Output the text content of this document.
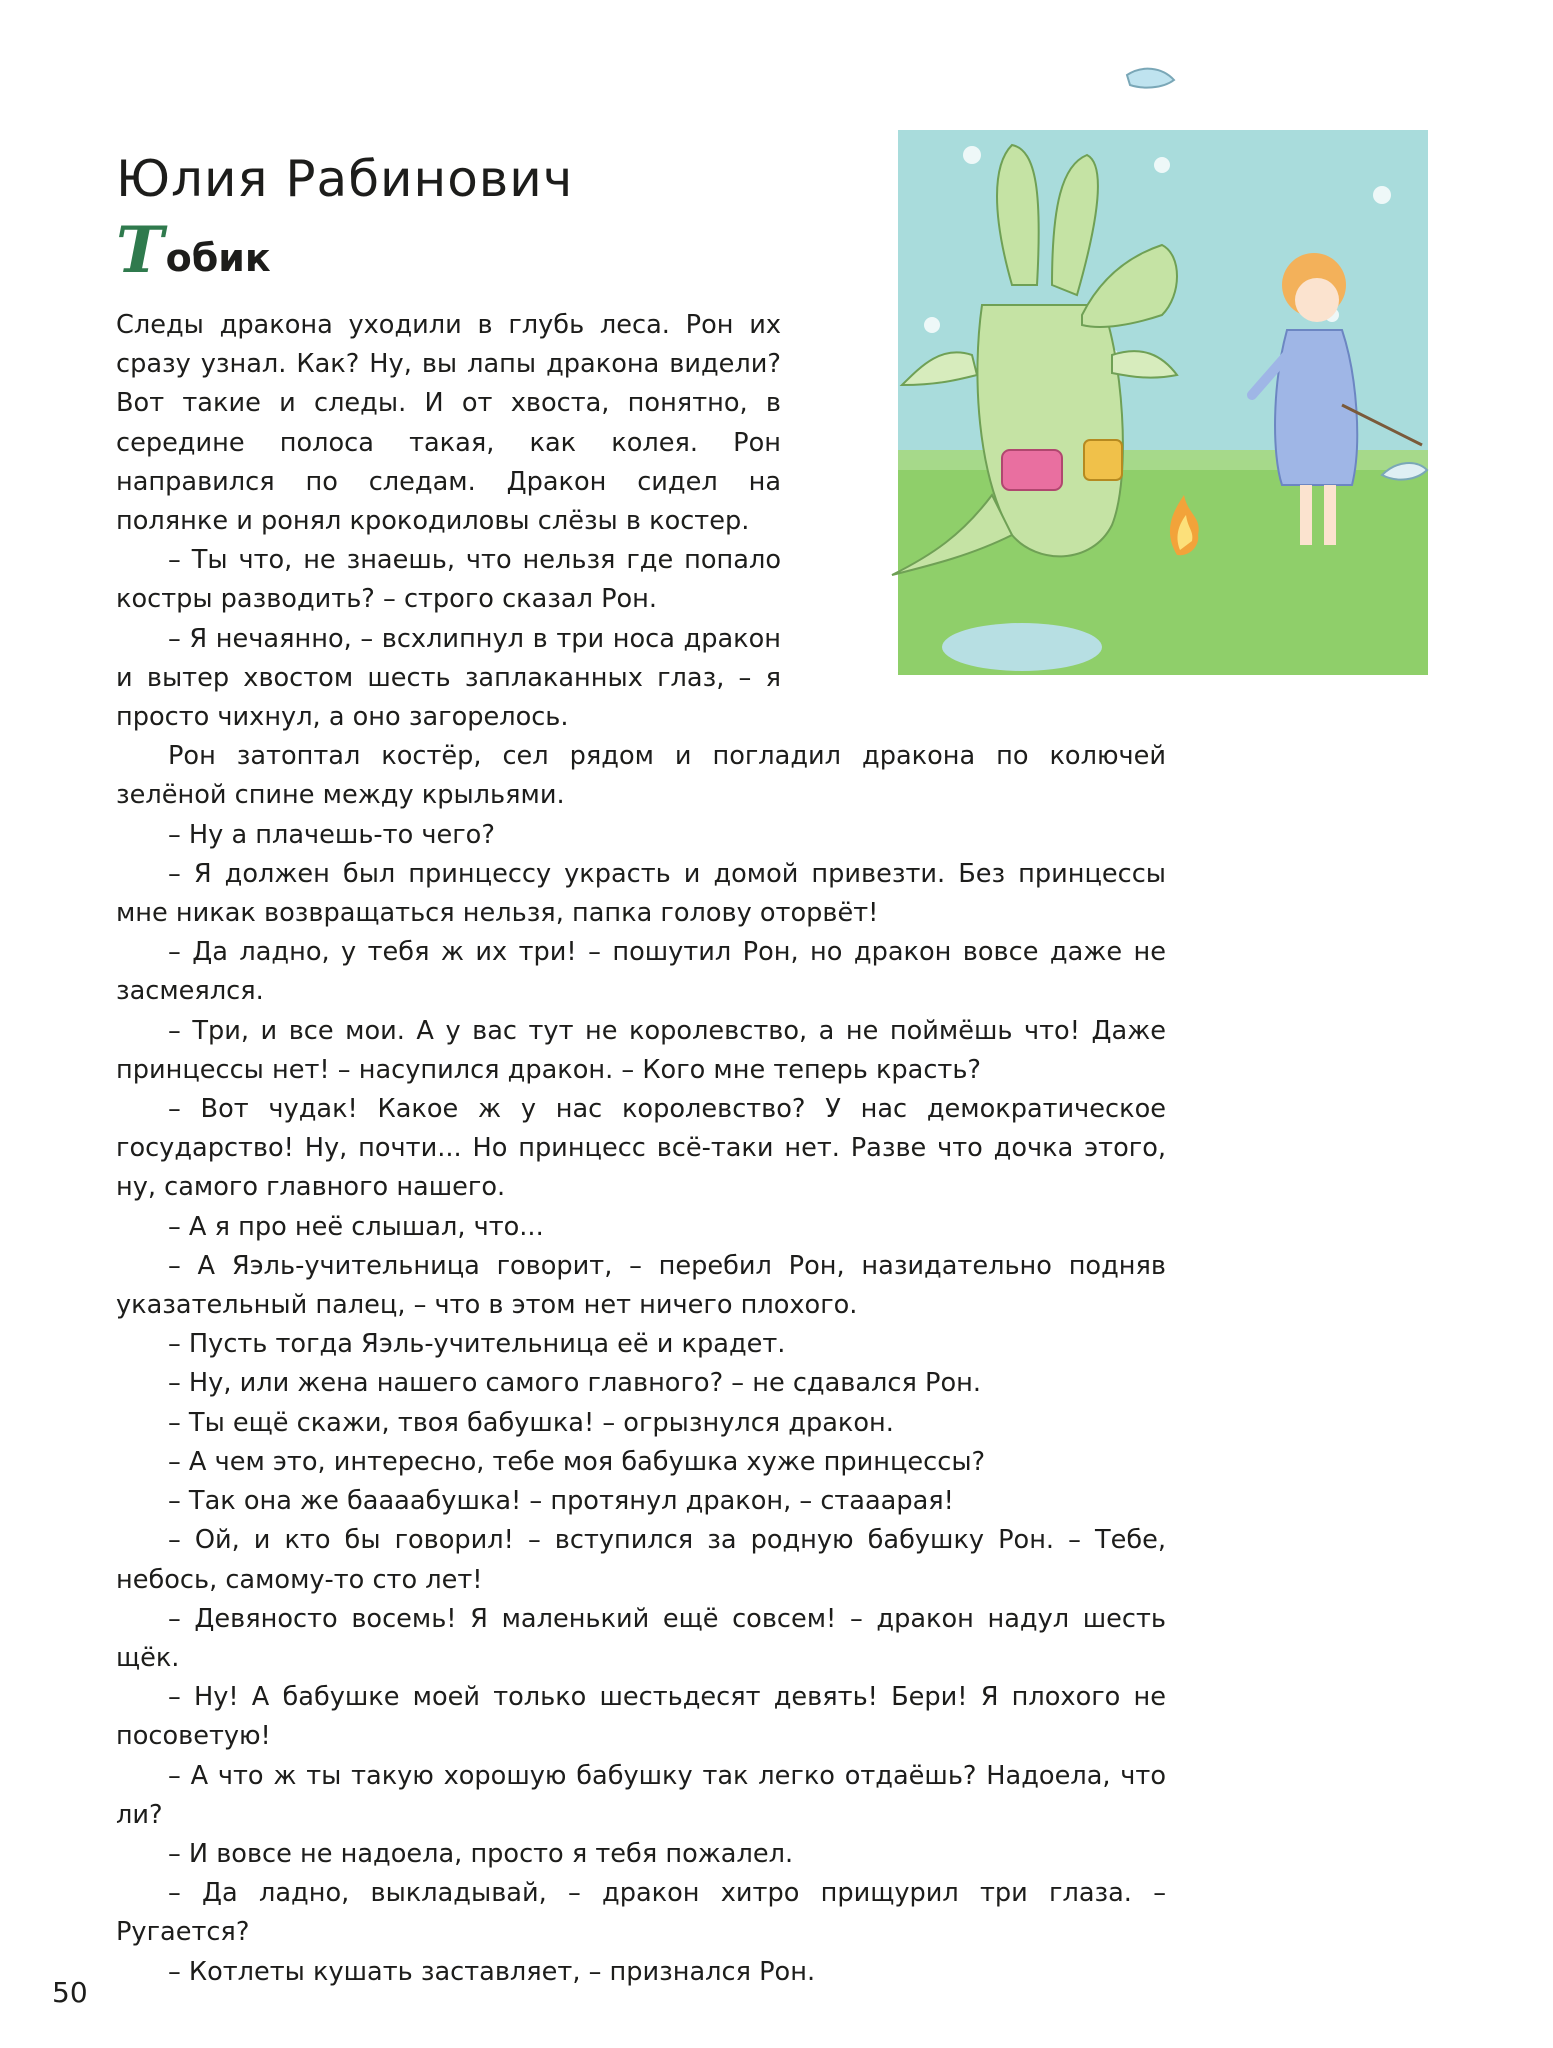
Юлия Рабинович
Т обик

Следы дракона уходили в глубь леса. Рон их сразу узнал. Как? Ну, вы лапы дракона видели? Вот такие и следы. И от хвоста, понятно, в середине полоса такая, как колея. Рон направился по следам. Дракон сидел на полянке и ронял крокодиловы слёзы в костер.

– Ты что, не знаешь, что нельзя где попало костры разводить? – строго сказал Рон.

– Я нечаянно, – всхлипнул в три носа дракон и вытер хвостом шесть заплаканных глаз, – я просто чихнул, а оно загорелось.

Рон затоптал костёр, сел рядом и погладил дракона по колючей зелёной спине между крыльями.

– Ну а плачешь-то чего?

– Я должен был принцессу украсть и домой привезти. Без принцессы мне никак возвращаться нельзя, папка голову оторвёт!

– Да ладно, у тебя ж их три! – пошутил Рон, но дракон вовсе даже не засмеялся.

– Три, и все мои. А у вас тут не королевство, а не поймёшь что! Даже принцессы нет! – насупился дракон. – Кого мне теперь красть?

– Вот чудак! Какое ж у нас королевство? У нас демократическое государство! Ну, почти... Но принцесс всё-таки нет. Разве что дочка этого, ну, самого главного нашего.

– А я про неё слышал, что...

– А Яэль-учительница говорит, – перебил Рон, назидательно подняв указательный палец, – что в этом нет ничего плохого.

– Пусть тогда Яэль-учительница её и крадет.

– Ну, или жена нашего самого главного? – не сдавался Рон.

– Ты ещё скажи, твоя бабушка! – огрызнулся дракон.

– А чем это, интересно, тебе моя бабушка хуже принцессы?

– Так она же баааабушка! – протянул дракон, – стааарая!

– Ой, и кто бы говорил! – вступился за родную бабушку Рон. – Тебе, небось, самому-то сто лет!

– Девяносто восемь! Я маленький ещё совсем! – дракон надул шесть щёк.

– Ну! А бабушке моей только шестьдесят девять! Бери! Я плохого не посоветую!

– А что ж ты такую хорошую бабушку так легко отдаёшь? Надоела, что ли?

– И вовсе не надоела, просто я тебя пожалел.

– Да ладно, выкладывай, – дракон хитро прищурил три глаза. – Ругается?

– Котлеты кушать заставляет, – признался Рон.

50
